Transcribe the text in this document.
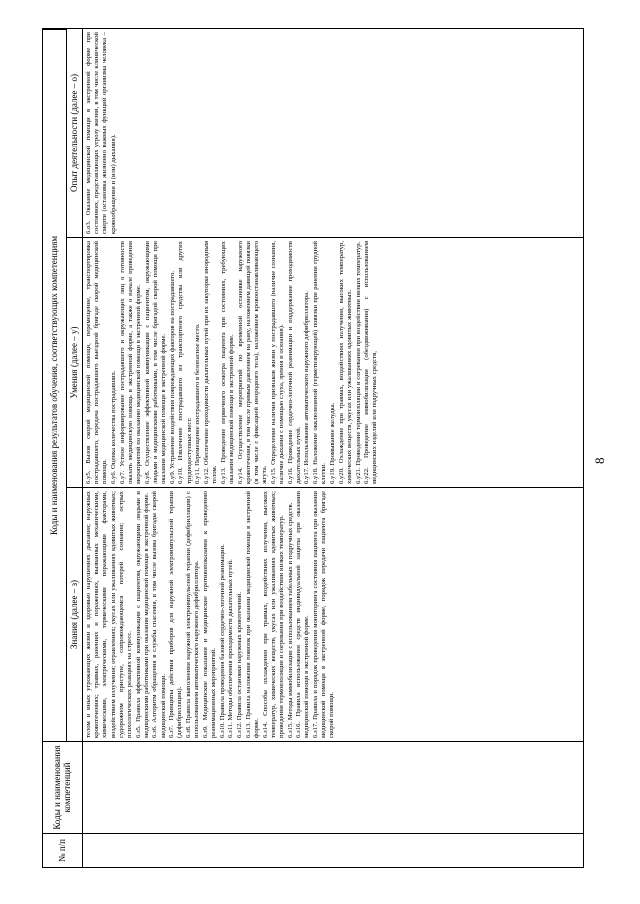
№ п/п
Коды и наименования компетенций
Коды и наименования результатов обучения, соответствующих компетенциям
Знания (далее – з)
Умения (далее – у)
Опыт деятельности (далее – о)
телом и иных угрожающих жизни и здоровью нарушениях дыхания; наружных кровотечениях; травмах, ранениях и поражениях, вызванных механическими, химическими, электрическими, термическими поражающими факторами, воздействием излучения; отравлениях; укусах или ужаливаниях ядовитых животных; судорожном приступе, сопровождающемся потерей сознания; острых психологических реакциях на стресс. 6.з5. Правила эффективной коммуникации с пациентом, окружающими людьми и медицинскими работниками при оказании медицинской помощи в экстренной форме. 6.з6. Алгоритм обращения в службы спасения, в том числе вызова бригады скорой медицинской помощи. 6.з7. Принципы действия приборов для наружной электроимпульсной терапии (дефибрилляции). 6.з8. Правила выполнения наружной электроимпульсной терапии (дефибрилляции) с использованием автоматического наружного дефибриллятора. 6.з9. Медицинские показания и медицинские противопоказания к проведению реанимационных мероприятий. 6.з10. Правила проведения базовой сердечно-легочной реанимации. 6.з11. Методы обеспечения проходимости дыхательных путей. 6.з12. Правила остановки наружных кровотечений. 6.з13. Правила наложения повязок при оказании медицинской помощи в экстренной форме. 6.з14. Способы охлаждения при травмах, воздействиях излучения, высоких температур, химических веществ, укусах или ужаливаниях ядовитых животных; проведения термоизоляции и согревания при воздействии низких температур. 6.з15. Методы иммобилизации с использованием табельных и подручных средств. 6.з16. Правила использования средств индивидуальной защиты при оказании медицинской помощи в экстренной форме. 6.з17. Правила и порядок проведения мониторинга состояния пациента при оказании медицинской помощи в экстренной форме, порядок передачи пациента бригаде скорой помощи.
6.у5. Вызов скорой медицинской помощи, перемещение, транспортировка пострадавшего, передача пострадавшего выездной бригаде скорой медицинской помощи. 6.у6. Оценка количества пострадавших. 6.у7. Устное информирование пострадавшего и окружающих лиц о готовности оказать медицинскую помощь в экстренной форме, а также о начале проведения мероприятий по оказанию медицинской помощи в экстренной форме. 6.у8. Осуществление эффективной коммуникации с пациентом, окружающими людьми и медицинскими работниками, в том числе бригадой скорой помощи при оказании медицинской помощи в экстренной форме. 6.у9. Устранение воздействия повреждающих факторов на пострадавшего. 6.у10. Извлечение пострадавшего из транспортного средства или других труднодоступных мест. 6.у11. Перемещение пострадавшего в безопасное место. 6.у12. Обеспечение проходимости дыхательных путей при их закупорке инородным телом. 6.у13. Проведение первичного осмотра пациента при состояниях, требующих оказания медицинской помощи в экстренной форме. 6.у14. Осуществление мероприятий по временной остановке наружного кровотечения, в том числе прямым давлением на рану, наложением давящей повязки (в том числе с фиксацией инородного тела), наложением кровоостанавливающего жгута. 6.у15. Определение наличия признаков жизни у пострадавшего (наличие сознания, наличие дыхания с помощью слуха, зрения и осязания). 6.у16. Проведение сердечно-легочной реанимации и поддержание проходимости дыхательных путей. 6.у17. Использование автоматического наружного дефибриллятора. 6.у18. Наложение окклюзионной (герметизирующей) повязки при ранении грудной клетки. 6.у19. Промывание желудка. 6.у20. Охлаждение при травмах, воздействиях излучения, высоких температур, химических веществ, укусах или ужаливаниях ядовитых животных. 6.у21. Проведение термоизоляции и согревания при воздействии низких температур. 6.у22. Проведение иммобилизации (обездвиживания) с использованием медицинских изделий или подручных средств,
6.о3. Оказание медицинской помощи в экстренной форме при состояниях, представляющих угрозу жизни, в том числе клинической смерти (остановка жизненно важных функций организма человека – кровообращения и (или) дыхания).
8
